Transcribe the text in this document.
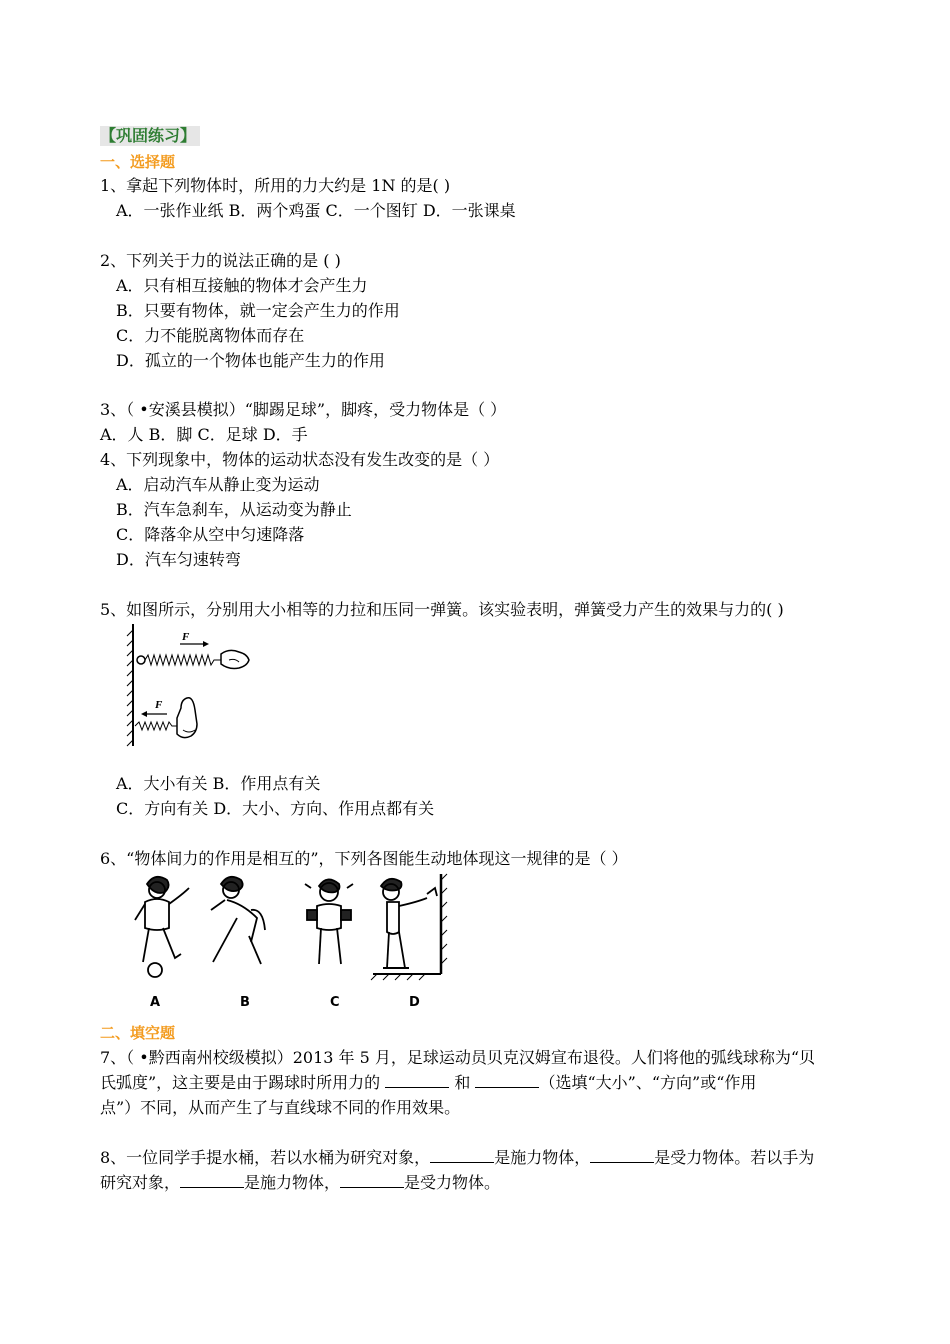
【巩固练习】
一、选择题
1、拿起下列物体时，所用的力大约是 1N 的是( )
A．一张作业纸 B．两个鸡蛋 C．一个图钉 D．一张课桌
2、下列关于力的说法正确的是 ( )
A．只有相互接触的物体才会产生力
B．只要有物体，就一定会产生力的作用
C．力不能脱离物体而存在
D．孤立的一个物体也能产生力的作用
3、（ •安溪县模拟）“脚踢足球”，脚疼，受力物体是（ ）
A．人 B．脚 C．足球 D．手
4、下列现象中，物体的运动状态没有发生改变的是（ ）
A．启动汽车从静止变为运动
B．汽车急刹车，从运动变为静止
C．降落伞从空中匀速降落
D．汽车匀速转弯
5、如图所示，分别用大小相等的力拉和压同一弹簧。该实验表明，弹簧受力产生的效果与力的( )
F
F
A．大小有关 B．作用点有关
C．方向有关 D．大小、方向、作用点都有关
6、“物体间力的作用是相互的”，下列各图能生动地体现这一规律的是（ ）
A	B	C	D
二、填空题
7、（ •黔西南州校级模拟）2013 年 5 月，足球运动员贝克汉姆宣布退役。人们将他的弧线球称为“贝
氏弧度”，这主要是由于踢球时所用力的	和	（选填“大小”、“方向”或“作用
点”）不同，从而产生了与直线球不同的作用效果。
8、一位同学手提水桶，若以水桶为研究对象，	是施力物体，	是受力物体。若以手为
研究对象，	是施力物体，	是受力物体。
